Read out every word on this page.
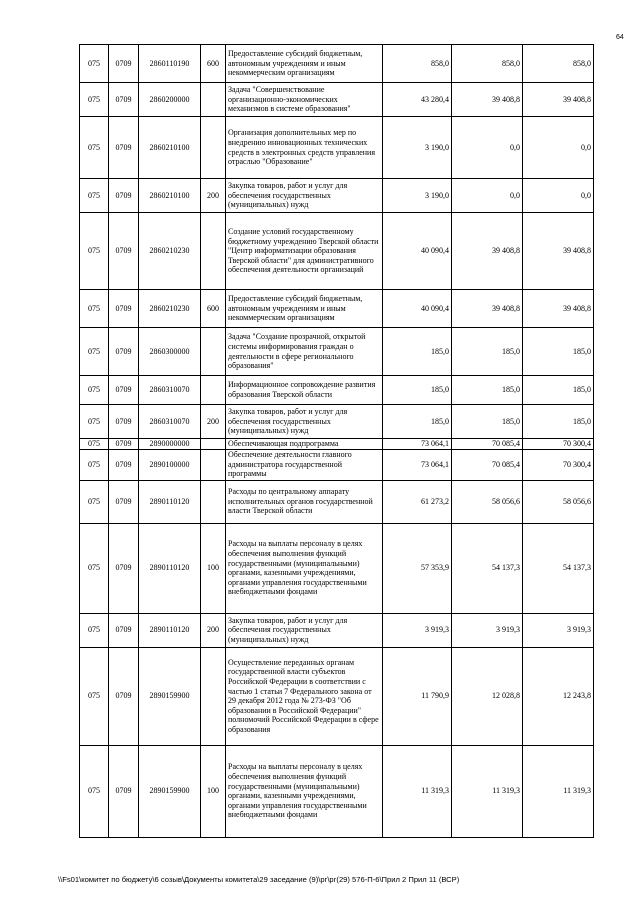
64
075	0709	2860110190	600	Предоставление субсидий бюджетным, автономным учреждениям и иным некоммерческим организациям	858,0	858,0	858,0
075	0709	2860200000		Задача "Совершенствование организационно-экономических механизмов в системе образования"	43 280,4	39 408,8	39 408,8
075	0709	2860210100		Организация дополнительных мер по внедрению инновационных технических средств в электронных средств управления отраслью "Образование"	3 190,0	0,0	0,0
075	0709	2860210100	200	Закупка товаров, работ и услуг для обеспечения государственных (муниципальных) нужд	3 190,0	0,0	0,0
075	0709	2860210230		Создание условий государственному бюджетному учреждению Тверской области "Центр информатизации образования Тверской области" для административного обеспечения деятельности организаций	40 090,4	39 408,8	39 408,8
075	0709	2860210230	600	Предоставление субсидий бюджетным, автономным учреждениям и иным некоммерческим организациям	40 090,4	39 408,8	39 408,8
075	0709	2860300000		Задача "Создание прозрачной, открытой системы информирования граждан о деятельности в сфере регионального образования"	185,0	185,0	185,0
075	0709	2860310070		Информационное сопровождение развития образования Тверской области	185,0	185,0	185,0
075	0709	2860310070	200	Закупка товаров, работ и услуг для обеспечения государственных (муниципальных) нужд	185,0	185,0	185,0
075	0709	2890000000		Обеспечивающая подпрограмма	73 064,1	70 085,4	70 300,4
075	0709	2890100000		Обеспечение деятельности главного администратора государственной программы	73 064,1	70 085,4	70 300,4
075	0709	2890110120		Расходы по центральному аппарату исполнительных органов государственной власти Тверской области	61 273,2	58 056,6	58 056,6
075	0709	2890110120	100	Расходы на выплаты персоналу в целях обеспечения выполнения функций государственными (муниципальными) органами, казенными учреждениями, органами управления государственными внебюджетными фондами	57 353,9	54 137,3	54 137,3
075	0709	2890110120	200	Закупка товаров, работ и услуг для обеспечения государственных (муниципальных) нужд	3 919,3	3 919,3	3 919,3
075	0709	2890159900		Осуществление переданных органам государственной власти субъектов Российской Федерации в соответствии с частью 1 статьи 7 Федерального закона от 29 декабря 2012 года № 273-ФЗ "Об образовании в Российской Федерации" полномочий Российской Федерации в сфере образования	11 790,9	12 028,8	12 243,8
075	0709	2890159900	100	Расходы на выплаты персоналу в целях обеспечения выполнения функций государственными (муниципальными) органами, казенными учреждениями, органами управления государственными внебюджетными фондами	11 319,3	11 319,3	11 319,3
\\Fs01\комитет по бюджету\6 созыв\Документы комитета\29 заседание (9)\рг\рг(29) 576-П-6\Прил 2 Прил 11 (ВСР)
